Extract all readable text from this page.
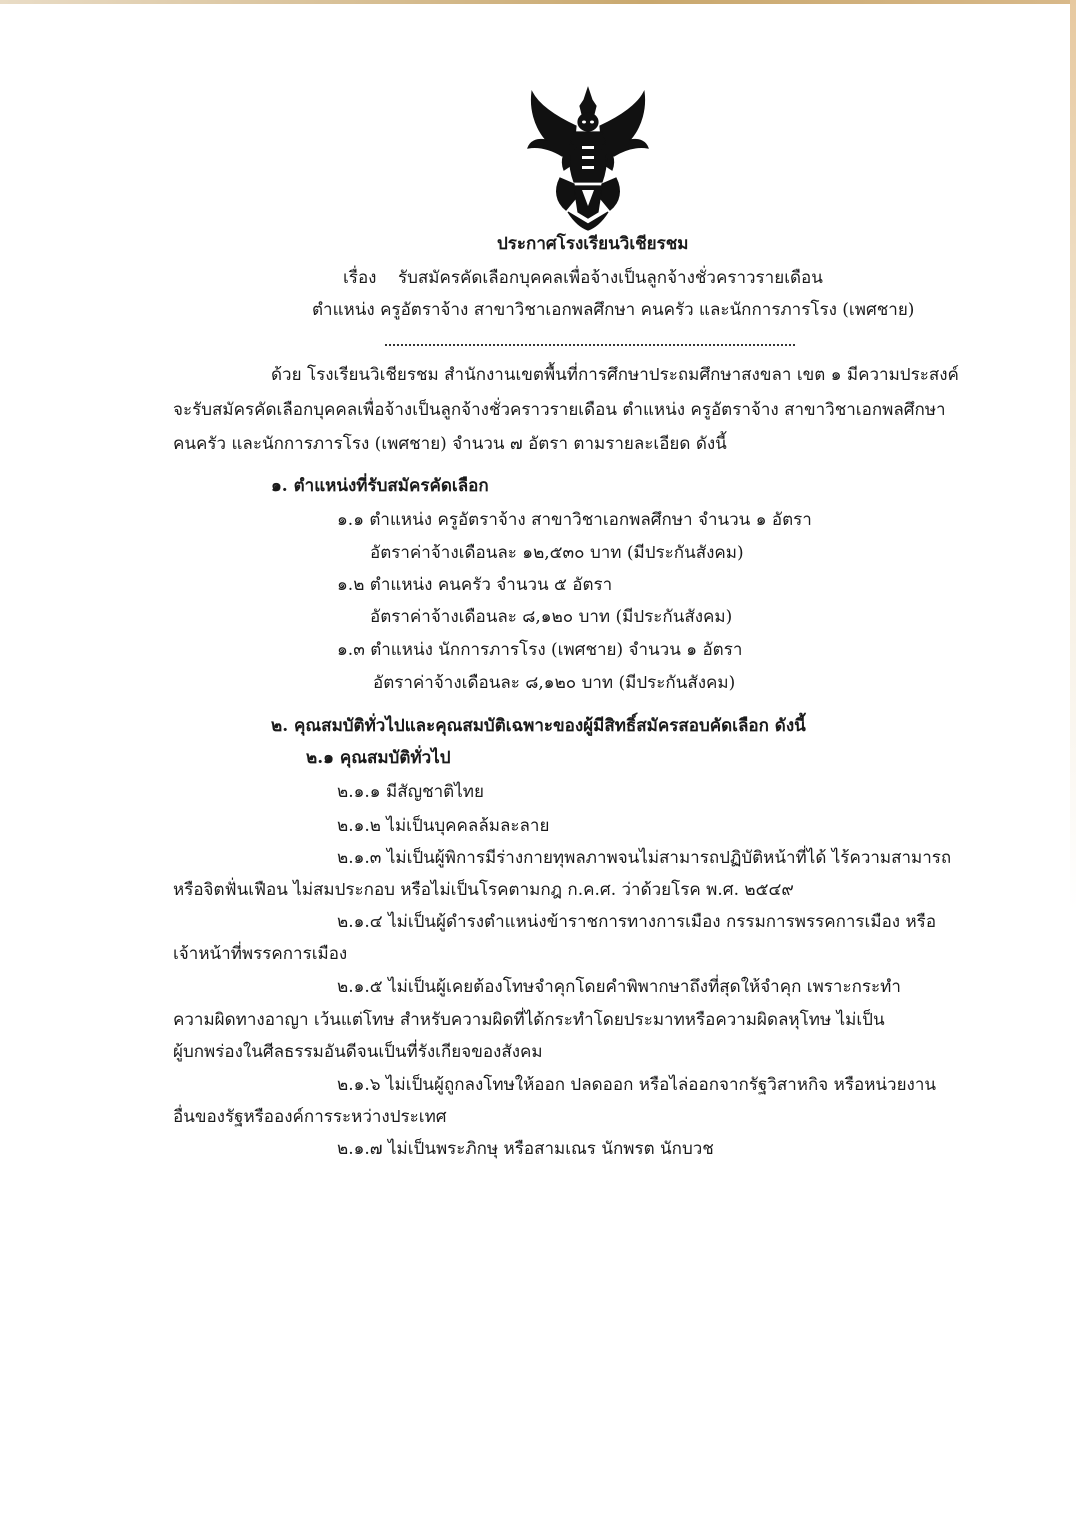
ประกาศโรงเรียนวิเชียรชม
เรื่อง รับสมัครคัดเลือกบุคคลเพื่อจ้างเป็นลูกจ้างชั่วคราวรายเดือน
ตำแหน่ง ครูอัตราจ้าง สาขาวิชาเอกพลศึกษา คนครัว และนักการภารโรง (เพศชาย)
ด้วย โรงเรียนวิเชียรชม สำนักงานเขตพื้นที่การศึกษาประถมศึกษาสงขลา เขต ๑ มีความประสงค์
จะรับสมัครคัดเลือกบุคคลเพื่อจ้างเป็นลูกจ้างชั่วคราวรายเดือน ตำแหน่ง ครูอัตราจ้าง สาขาวิชาเอกพลศึกษา
คนครัว และนักการภารโรง (เพศชาย) จำนวน ๗ อัตรา ตามรายละเอียด ดังนี้
๑. ตำแหน่งที่รับสมัครคัดเลือก
๑.๑ ตำแหน่ง ครูอัตราจ้าง สาขาวิชาเอกพลศึกษา จำนวน ๑ อัตรา
อัตราค่าจ้างเดือนละ ๑๒,๕๓๐ บาท (มีประกันสังคม)
๑.๒ ตำแหน่ง คนครัว จำนวน ๕ อัตรา
อัตราค่าจ้างเดือนละ ๘,๑๒๐ บาท (มีประกันสังคม)
๑.๓ ตำแหน่ง นักการภารโรง (เพศชาย) จำนวน ๑ อัตรา
อัตราค่าจ้างเดือนละ ๘,๑๒๐ บาท (มีประกันสังคม)
๒. คุณสมบัติทั่วไปและคุณสมบัติเฉพาะของผู้มีสิทธิ์สมัครสอบคัดเลือก ดังนี้
๒.๑ คุณสมบัติทั่วไป
๒.๑.๑ มีสัญชาติไทย
๒.๑.๒ ไม่เป็นบุคคลล้มละลาย
๒.๑.๓ ไม่เป็นผู้พิการมีร่างกายทุพลภาพจนไม่สามารถปฏิบัติหน้าที่ได้ ไร้ความสามารถ
หรือจิตฟั่นเฟือน ไม่สมประกอบ หรือไม่เป็นโรคตามกฎ ก.ค.ศ. ว่าด้วยโรค พ.ศ. ๒๕๔๙
๒.๑.๔ ไม่เป็นผู้ดำรงตำแหน่งข้าราชการทางการเมือง กรรมการพรรคการเมือง หรือ
เจ้าหน้าที่พรรคการเมือง
๒.๑.๕ ไม่เป็นผู้เคยต้องโทษจำคุกโดยคำพิพากษาถึงที่สุดให้จำคุก เพราะกระทำ
ความผิดทางอาญา เว้นแต่โทษ สำหรับความผิดที่ได้กระทำโดยประมาทหรือความผิดลหุโทษ ไม่เป็น
ผู้บกพร่องในศีลธรรมอันดีจนเป็นที่รังเกียจของสังคม
๒.๑.๖ ไม่เป็นผู้ถูกลงโทษให้ออก ปลดออก หรือไล่ออกจากรัฐวิสาหกิจ หรือหน่วยงาน
อื่นของรัฐหรือองค์การระหว่างประเทศ
๒.๑.๗ ไม่เป็นพระภิกษุ หรือสามเณร นักพรต นักบวช
